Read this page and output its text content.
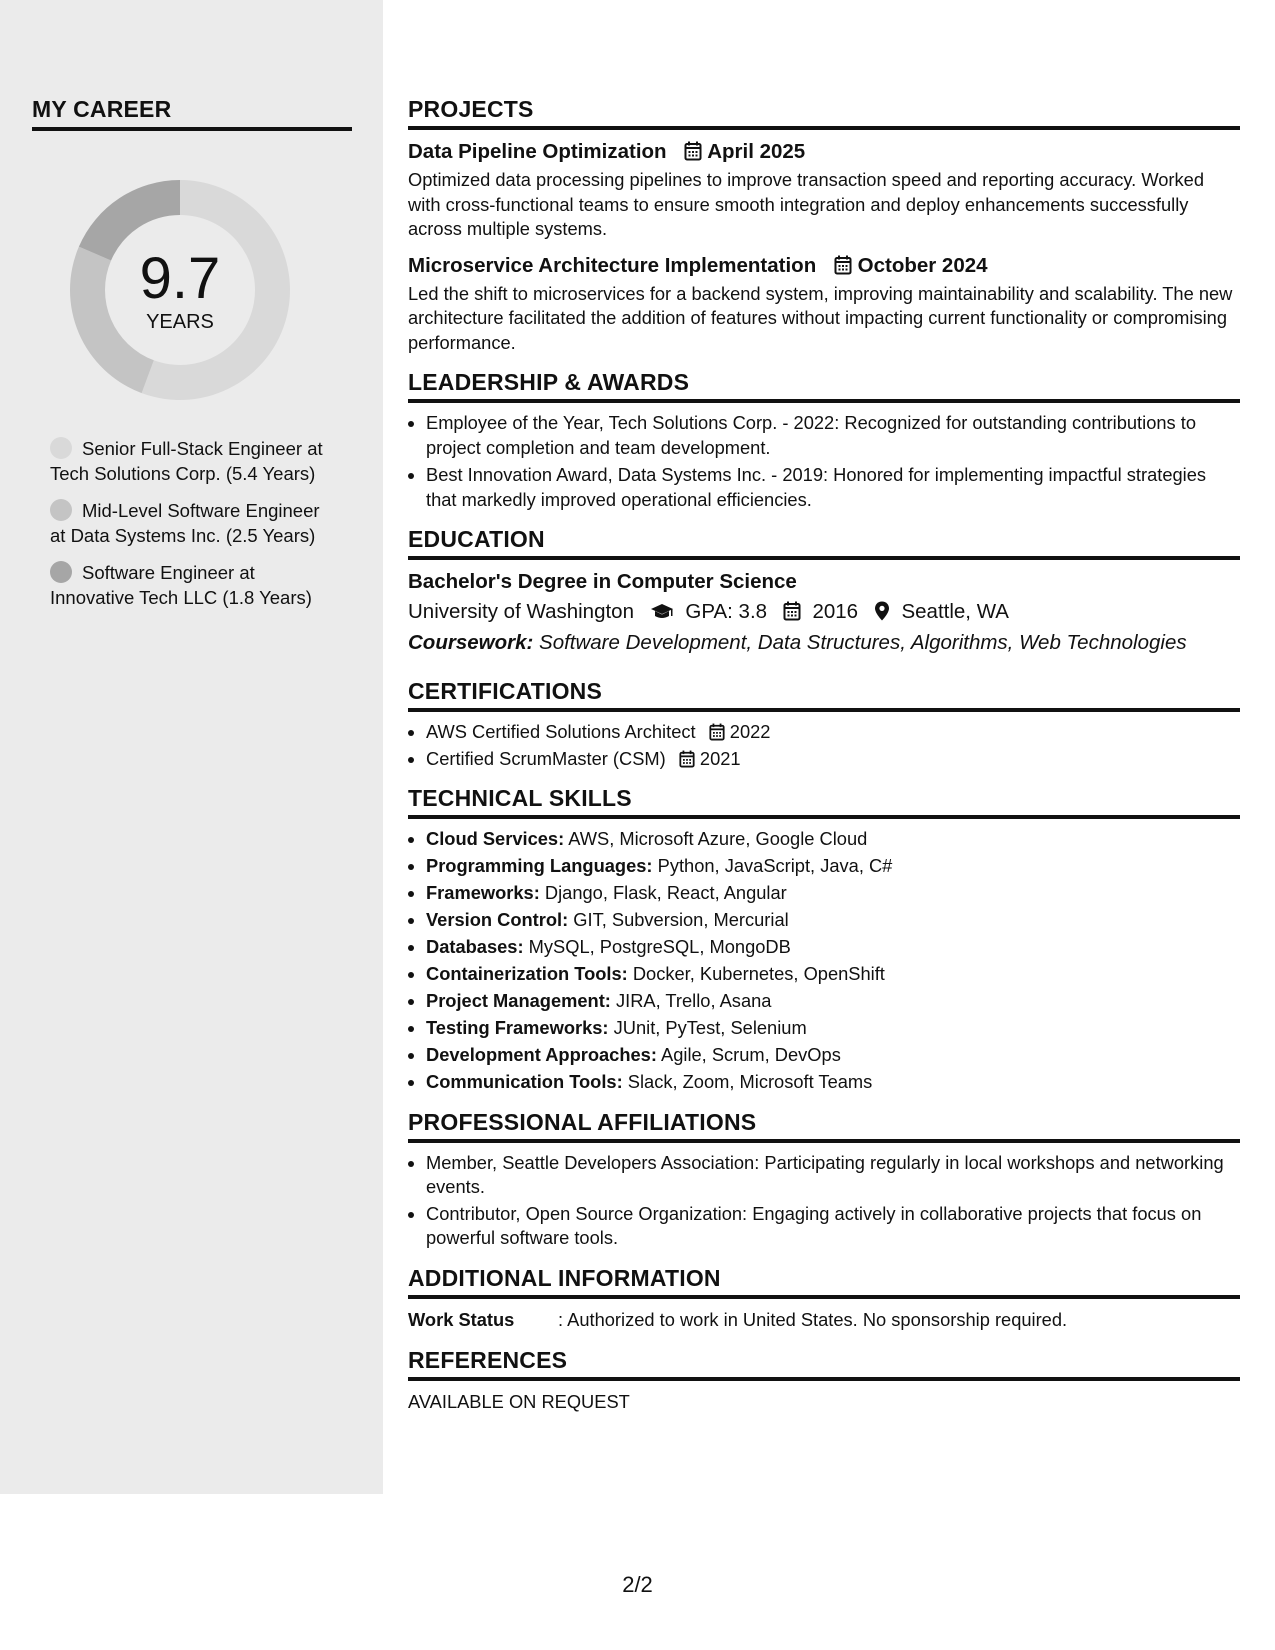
MY CAREER
9.7
YEARS
Senior Full-Stack Engineer at Tech Solutions Corp. (5.4 Years)
Mid-Level Software Engineer at Data Systems Inc. (2.5 Years)
Software Engineer at Innovative Tech LLC (1.8 Years)
PROJECTS
Data Pipeline Optimization April 2025
Optimized data processing pipelines to improve transaction speed and reporting accuracy. Worked with cross-functional teams to ensure smooth integration and deploy enhancements successfully across multiple systems.
Microservice Architecture Implementation October 2024
Led the shift to microservices for a backend system, improving maintainability and scalability. The new architecture facilitated the addition of features without impacting current functionality or compromising performance.
LEADERSHIP & AWARDS
• Employee of the Year, Tech Solutions Corp. - 2022: Recognized for outstanding contributions to project completion and team development.
• Best Innovation Award, Data Systems Inc. - 2019: Honored for implementing impactful strategies that markedly improved operational efficiencies.
EDUCATION
Bachelor's Degree in Computer Science
University of Washington	GPA: 3.8 2016 Seattle, WA
Coursework: Software Development, Data Structures, Algorithms, Web Technologies
CERTIFICATIONS
• AWS Certified Solutions Architect 2022
• Certified ScrumMaster (CSM) 2021
TECHNICAL SKILLS
• Cloud Services: AWS, Microsoft Azure, Google Cloud
• Programming Languages: Python, JavaScript, Java, C#
• Frameworks: Django, Flask, React, Angular
• Version Control: GIT, Subversion, Mercurial
• Databases: MySQL, PostgreSQL, MongoDB
• Containerization Tools: Docker, Kubernetes, OpenShift
• Project Management: JIRA, Trello, Asana
• Testing Frameworks: JUnit, PyTest, Selenium
• Development Approaches: Agile, Scrum, DevOps
• Communication Tools: Slack, Zoom, Microsoft Teams
PROFESSIONAL AFFILIATIONS
• Member, Seattle Developers Association: Participating regularly in local workshops and networking events.
• Contributor, Open Source Organization: Engaging actively in collaborative projects that focus on powerful software tools.
ADDITIONAL INFORMATION
Work Status : Authorized to work in United States. No sponsorship required.
REFERENCES
AVAILABLE ON REQUEST
2/2
